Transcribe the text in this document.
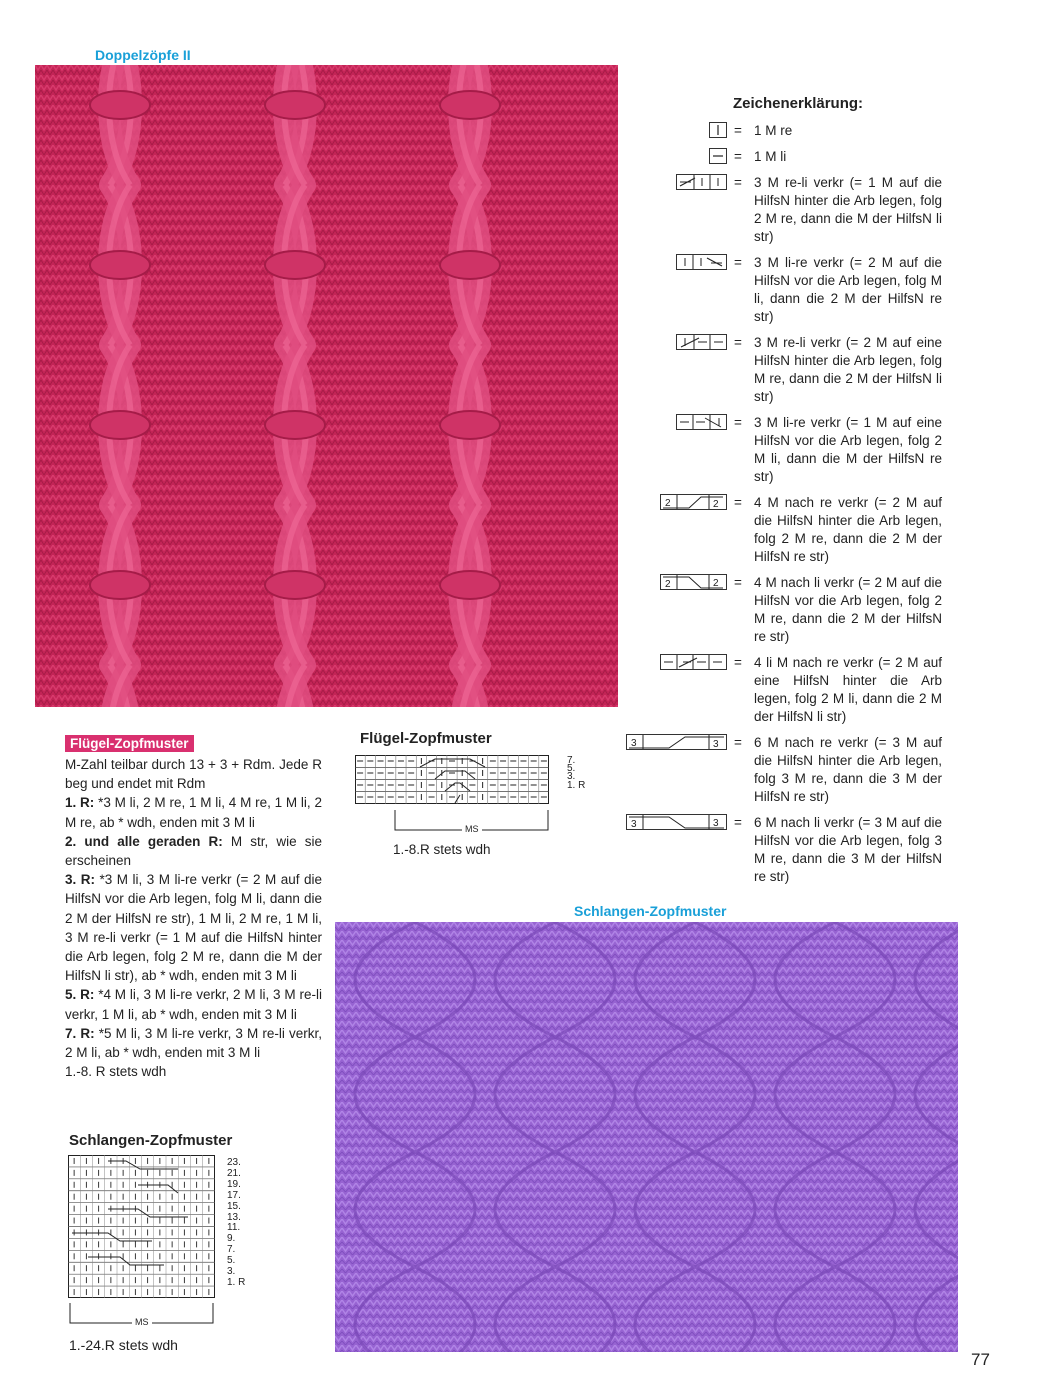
Doppelzöpfe II
Zeichenerklärung:
= 1 M re
= 1 M li
= 3 M re-li verkr (= 1 M auf die HilfsN hinter die Arb legen, folg 2 M re, dann die M der HilfsN li str)
= 3 M li-re verkr (= 2 M auf die HilfsN vor die Arb legen, folg M li, dann die 2 M der HilfsN re str)
= 3 M re-li verkr (= 2 M auf eine HilfsN hinter die Arb legen, folg M re, dann die 2 M der HilfsN li str)
= 3 M li-re verkr (= 1 M auf eine HilfsN vor die Arb legen, folg 2 M li, dann die M der HilfsN re str)
2	2 = 4 M nach re verkr (= 2 M auf die HilfsN hinter die Arb legen, folg 2 M re, dann die 2 M der HilfsN re str)
2	2 = 4 M nach li verkr (= 2 M auf die HilfsN vor die Arb legen, folg 2 M re, dann die 2 M der HilfsN re str)
= 4 li M nach re verkr (= 2 M auf eine HilfsN hinter die Arb legen, folg 2 M li, dann die 2 M der HilfsN li str)
3	3 = 6 M nach re verkr (= 3 M auf die HilfsN hinter die Arb legen, folg 3 M re, dann die 3 M der HilfsN re str)
3	3 = 6 M nach li verkr (= 3 M auf die HilfsN vor die Arb legen, folg 3 M re, dann die 3 M der HilfsN re str)
Flügel-Zopfmuster
M-Zahl teilbar durch 13 + 3 + Rdm. Jede R beg und endet mit Rdm
1. R: *3 M li, 2 M re, 1 M li, 4 M re, 1 M li, 2 M re, ab * wdh, enden mit 3 M li
2. und alle geraden R: M str, wie sie erscheinen
3. R: *3 M li, 3 M li-re verkr (= 2 M auf die HilfsN vor die Arb legen, folg M li, dann die 2 M der HilfsN re str), 1 M li, 2 M re, 1 M li, 3 M re-li verkr (= 1 M auf die HilfsN hinter die Arb legen, folg 2 M re, dann die M der HilfsN li str), ab * wdh, enden mit 3 M li
5. R: *4 M li, 3 M li-re verkr, 2 M li, 3 M re-li verkr, 1 M li, ab * wdh, enden mit 3 M li
7. R: *5 M li, 3 M li-re verkr, 3 M re-li verkr, 2 M li, ab * wdh, enden mit 3 M li
1.-8. R stets wdh
Flügel-Zopfmuster
7.
5.
3.
1. R
MS
1.-8.R stets wdh
Schlangen-Zopfmuster
Schlangen-Zopfmuster
23.
21.
19.
17.
15.
13.
11.
9.
7.
5.
3.
1. R
MS
1.-24.R stets wdh
77
